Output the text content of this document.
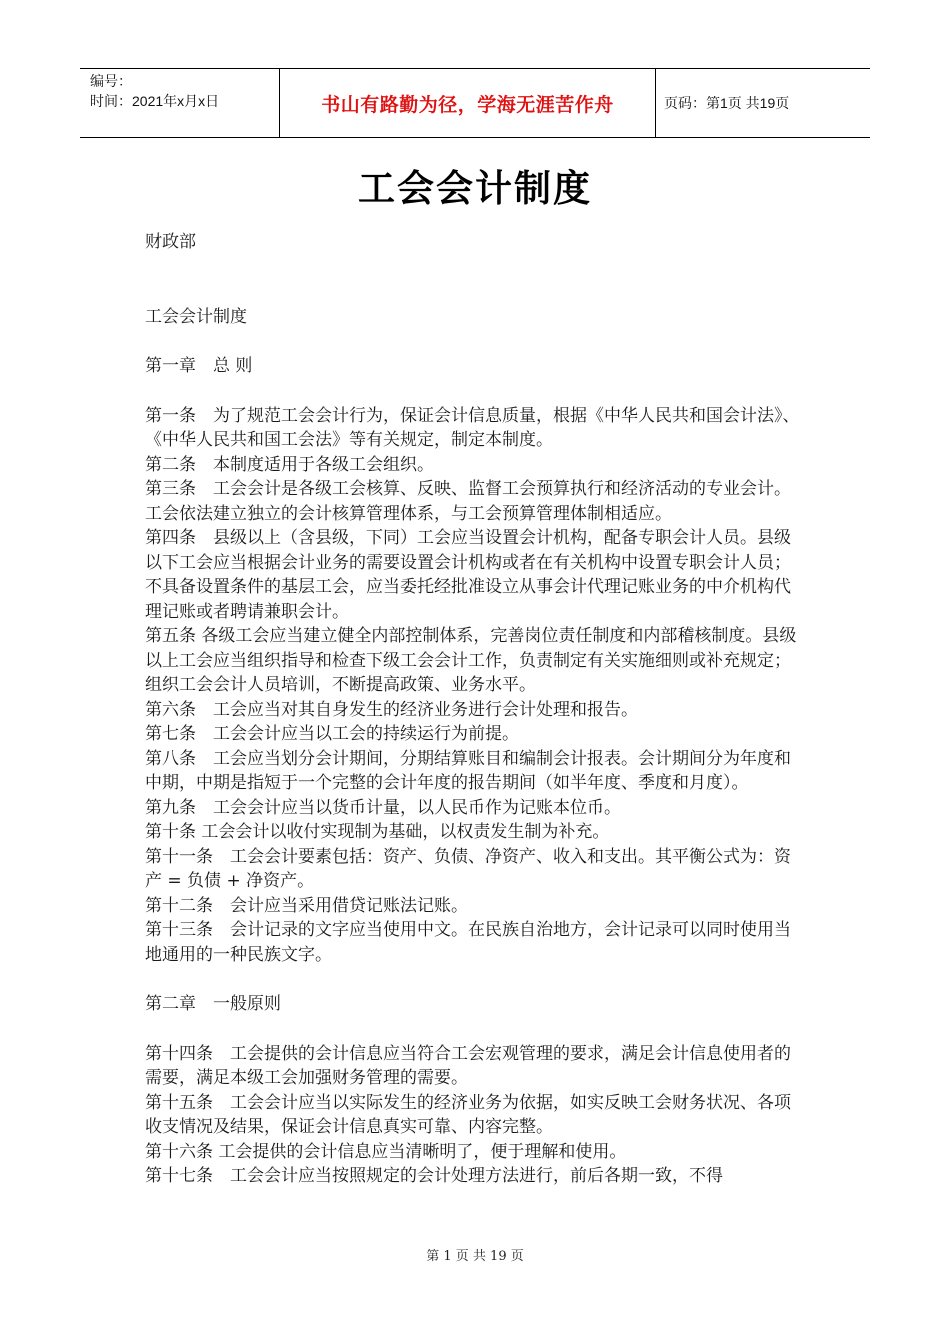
编号：
时间：2021年x月x日	书山有路勤为径，学海无涯苦作舟	页码：第1页 共19页
工会会计制度

财政部

工会会计制度

第一章　总 则

第一条　为了规范工会会计行为，保证会计信息质量，根据《中华人民共和国会计法》、《中华人民共和国工会法》等有关规定，制定本制度。

第二条　本制度适用于各级工会组织。

第三条　工会会计是各级工会核算、反映、监督工会预算执行和经济活动的专业会计。工会依法建立独立的会计核算管理体系，与工会预算管理体制相适应。

第四条　县级以上（含县级，下同）工会应当设置会计机构，配备专职会计人员。县级以下工会应当根据会计业务的需要设置会计机构或者在有关机构中设置专职会计人员；不具备设置条件的基层工会，应当委托经批准设立从事会计代理记账业务的中介机构代理记账或者聘请兼职会计。

第五条 各级工会应当建立健全内部控制体系，完善岗位责任制度和内部稽核制度。县级以上工会应当组织指导和检查下级工会会计工作，负责制定有关实施细则或补充规定；组织工会会计人员培训，不断提高政策、业务水平。

第六条　工会应当对其自身发生的经济业务进行会计处理和报告。

第七条　工会会计应当以工会的持续运行为前提。

第八条　工会应当划分会计期间，分期结算账目和编制会计报表。会计期间分为年度和中期，中期是指短于一个完整的会计年度的报告期间（如半年度、季度和月度）。

第九条　工会会计应当以货币计量，以人民币作为记账本位币。

第十条 工会会计以收付实现制为基础，以权责发生制为补充。

第十一条　工会会计要素包括：资产、负债、净资产、收入和支出。其平衡公式为：资产 = 负债 + 净资产。

第十二条　会计应当采用借贷记账法记账。

第十三条　会计记录的文字应当使用中文。在民族自治地方，会计记录可以同时使用当地通用的一种民族文字。

第二章　一般原则

第十四条　工会提供的会计信息应当符合工会宏观管理的要求，满足会计信息使用者的需要，满足本级工会加强财务管理的需要。

第十五条　工会会计应当以实际发生的经济业务为依据，如实反映工会财务状况、各项收支情况及结果，保证会计信息真实可靠、内容完整。

第十六条 工会提供的会计信息应当清晰明了，便于理解和使用。

第十七条　工会会计应当按照规定的会计处理方法进行，前后各期一致，不得

第 1 页 共 19 页
